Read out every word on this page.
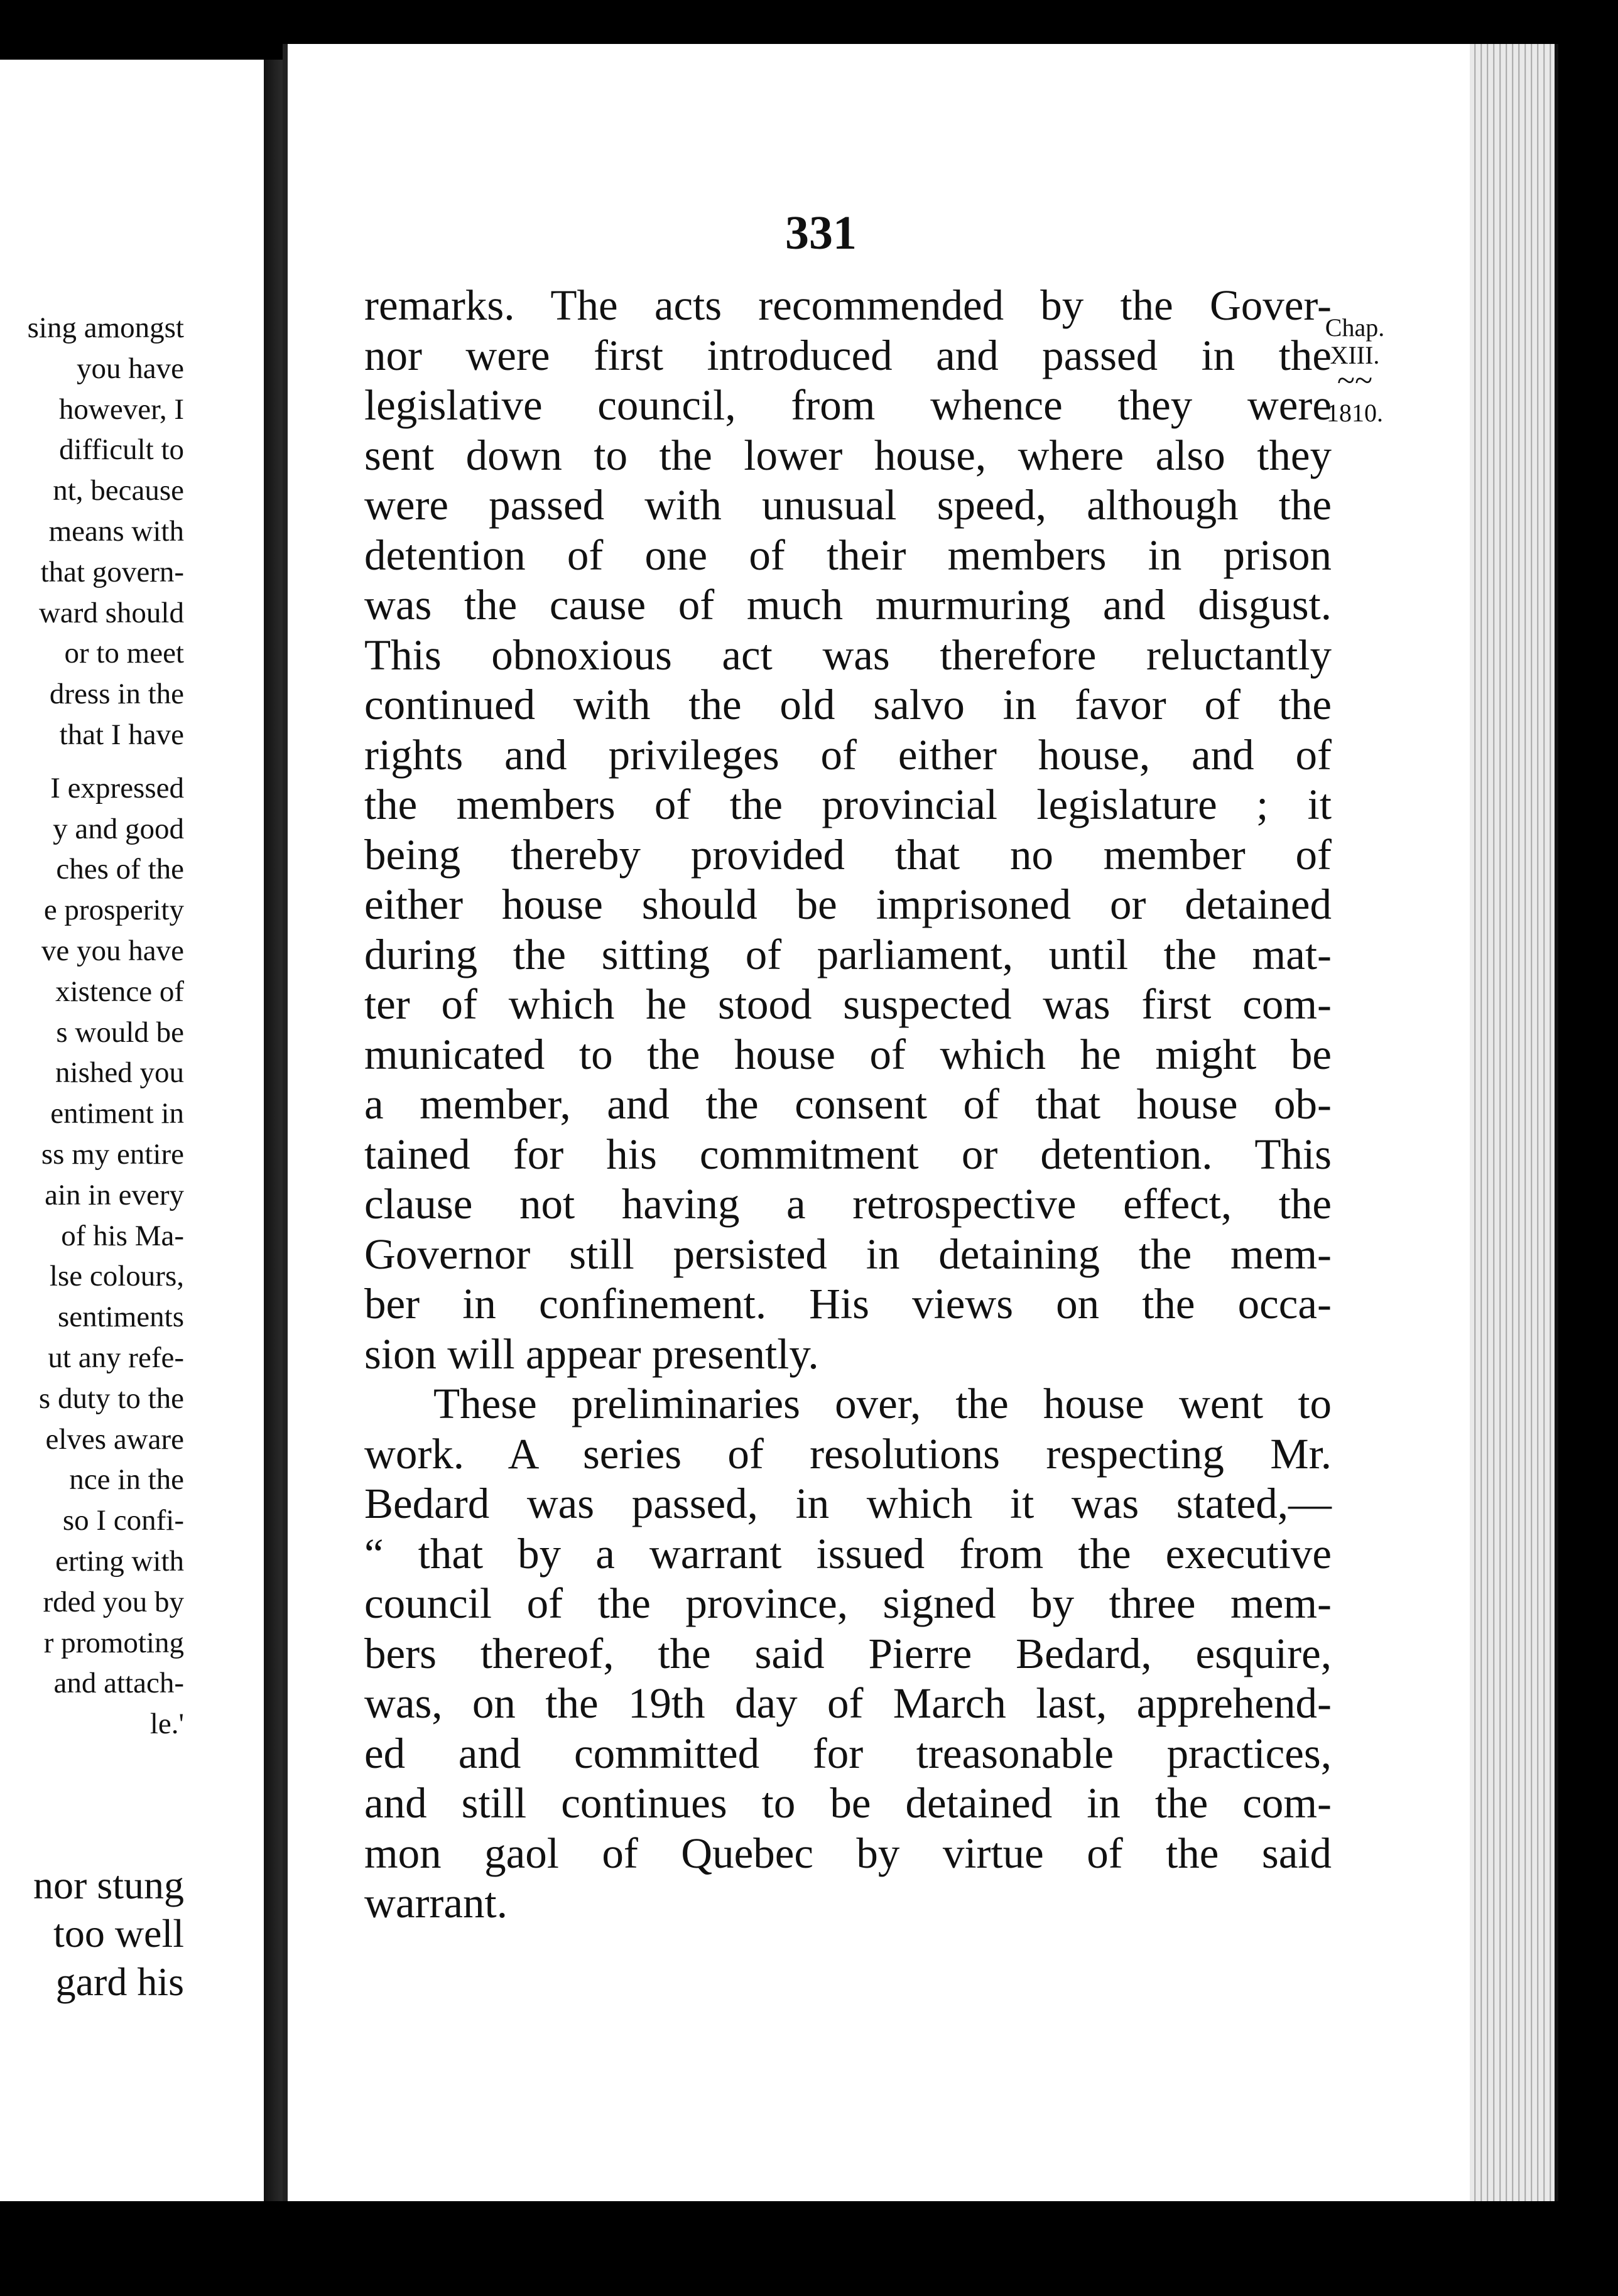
sing amongst
you have
however, I
difficult to
nt, because
means with
that govern-
ward should
or to meet
dress in the
that I have
I expressed
y and good
ches of the
e prosperity
ve you have
xistence of
s would be
nished you
entiment in
ss my entire
ain in every
of his Ma-
lse colours,
sentiments
ut any refe-
s duty to the
elves aware
nce in the
so I confi-
erting with
rded you by
r promoting
and attach-
le.'
nor stung
too well
gard his
331
Chap.
XIII.
~~
1810.
remarks. The acts recommended by the Gover-
nor were first introduced and passed in the
legislative council, from whence they were
sent down to the lower house, where also they
were passed with unusual speed, although the
detention of one of their members in prison
was the cause of much murmuring and disgust.
This obnoxious act was therefore reluctantly
continued with the old salvo in favor of the
rights and privileges of either house, and of
the members of the provincial legislature ; it
being thereby provided that no member of
either house should be imprisoned or detained
during the sitting of parliament, until the mat-
ter of which he stood suspected was first com-
municated to the house of which he might be
a member, and the consent of that house ob-
tained for his commitment or detention. This
clause not having a retrospective effect, the
Governor still persisted in detaining the mem-
ber in confinement. His views on the occa-
sion will appear presently.
These preliminaries over, the house went to
work. A series of resolutions respecting Mr.
Bedard was passed, in which it was stated,—
“ that by a warrant issued from the executive
council of the province, signed by three mem-
bers thereof, the said Pierre Bedard, esquire,
was, on the 19th day of March last, apprehend-
ed and committed for treasonable practices,
and still continues to be detained in the com-
mon gaol of Quebec by virtue of the said
warrant.
